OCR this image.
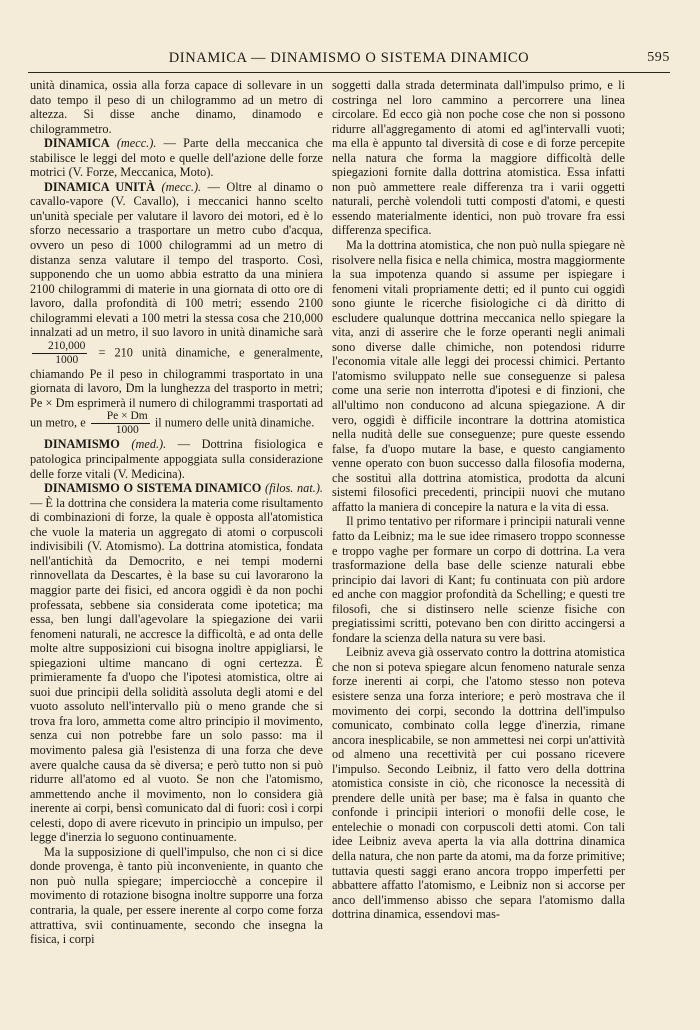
DINAMICA — DINAMISMO O SISTEMA DINAMICO	595

unità dinamica, ossia alla forza capace di sollevare in un dato tempo il peso di un chilogrammo ad un metro di altezza. Si disse anche dinamo, dinamodo e chilogrammetro.

DINAMICA (mecc.). — Parte della meccanica che stabilisce le leggi del moto e quelle dell'azione delle forze motrici (V. Forze, Meccanica, Moto).

DINAMICA UNITÀ (mecc.). — Oltre al dinamo o cavallo-vapore (V. Cavallo), i meccanici hanno scelto un'unità speciale per valutare il lavoro dei motori, ed è lo sforzo necessario a trasportare un metro cubo d'acqua, ovvero un peso di 1000 chilogrammi ad un metro di distanza senza valutare il tempo del trasporto. Così, supponendo che un uomo abbia estratto da una miniera 2100 chilogrammi di materie in una giornata di otto ore di lavoro, dalla profondità di 100 metri; essendo 2100 chilogrammi elevati a 100 metri la stessa cosa che 210,000 innalzati ad un metro, il suo lavoro in unità dinamiche sarà
$\frac{210,000}{1000} = 210$ unità dinamiche, e generalmente, chiamando Pe il peso in chilogrammi trasportato in una giornata di lavoro, Dm la lunghezza del trasporto in metri; Pe × Dm esprimerà il numero di chilogrammi trasportati ad un metro, e $\frac{Pe \times Dm}{1000}$ il numero delle unità dinamiche.

DINAMISMO (med.). — Dottrina fisiologica e patologica principalmente appoggiata sulla considerazione delle forze vitali (V. Medicina).

DINAMISMO O SISTEMA DINAMICO (filos. nat.). — È la dottrina che considera la materia come risultamento di combinazioni di forze, la quale è opposta all'atomistica che vuole la materia un aggregato di atomi o corpuscoli indivisibili (V. Atomismo). La dottrina atomistica, fondata nell'antichità da Democrito, e nei tempi moderni rinnovellata da Descartes, è la base su cui lavorarono la maggior parte dei fisici, ed ancora oggidì è da non pochi professata, sebbene sia considerata come ipotetica; ma essa, ben lungi dall'agevolare la spiegazione dei varii fenomeni naturali, ne accresce la difficoltà, e ad onta delle molte altre supposizioni cui bisogna inoltre appigliarsi, le spiegazioni ultime mancano di ogni certezza. È primieramente fa d'uopo che l'ipotesi atomistica, oltre ai suoi due principii della solidità assoluta degli atomi e del vuoto assoluto nell'intervallo più o meno grande che si trova fra loro, ammetta come altro principio il movimento, senza cui non potrebbe fare un solo passo: ma il movimento palesa già l'esistenza di una forza che deve avere qualche causa da sè diversa; e però tutto non si può ridurre all'atomo ed al vuoto. Se non che l'atomismo, ammettendo anche il movimento, non lo considera già inerente ai corpi, bensì comunicato dal di fuori: così i corpi celesti, dopo di avere ricevuto in principio un impulso, per legge d'inerzia lo seguono continuamente.

Ma la supposizione di quell'impulso, che non ci si dice donde provenga, è tanto più inconveniente, in quanto che non può nulla spiegare; imperciocchè a concepire il movimento di rotazione bisogna inoltre supporre una forza contraria, la quale, per essere inerente al corpo come forza attrattiva, svii continuamente, secondo che insegna la fisica, i corpi

soggetti dalla strada determinata dall'impulso primo, e li costringa nel loro cammino a percorrere una linea circolare. Ed ecco già non poche cose che non si possono ridurre all'aggregamento di atomi ed agl'intervalli vuoti; ma ella è appunto tal diversità di cose e di forze percepite nella natura che forma la maggiore difficoltà delle spiegazioni fornite dalla dottrina atomistica. Essa infatti non può ammettere reale differenza tra i varii oggetti naturali, perchè volendoli tutti composti d'atomi, e questi essendo materialmente identici, non può trovare fra essi differenza specifica.

Ma la dottrina atomistica, che non può nulla spiegare nè risolvere nella fisica e nella chimica, mostra maggiormente la sua impotenza quando si assume per ispiegare i fenomeni vitali propriamente detti; ed il punto cui oggidì sono giunte le ricerche fisiologiche ci dà diritto di escludere qualunque dottrina meccanica nello spiegare la vita, anzi di asserire che le forze operanti negli animali sono diverse dalle chimiche, non potendosi ridurre l'economia vitale alle leggi dei processi chimici. Pertanto l'atomismo sviluppato nelle sue conseguenze si palesa come una serie non interrotta d'ipotesi e di finzioni, che all'ultimo non conducono ad alcuna spiegazione. A dir vero, oggidì è difficile incontrare la dottrina atomistica nella nudità delle sue conseguenze; pure queste essendo false, fa d'uopo mutare la base, e questo cangiamento venne operato con buon successo dalla filosofia moderna, che sostituì alla dottrina atomistica, prodotta da alcuni sistemi filosofici precedenti, principii nuovi che mutano affatto la maniera di concepire la natura e la vita di essa.

Il primo tentativo per riformare i principii naturali venne fatto da Leibniz; ma le sue idee rimasero troppo sconnesse e troppo vaghe per formare un corpo di dottrina. La vera trasformazione della base delle scienze naturali ebbe principio dai lavori di Kant; fu continuata con più ardore ed anche con maggior profondità da Schelling; e questi tre filosofi, che si distinsero nelle scienze fisiche con pregiatissimi scritti, potevano ben con diritto accingersi a fondare la scienza della natura su vere basi.

Leibniz aveva già osservato contro la dottrina atomistica che non si poteva spiegare alcun fenomeno naturale senza forze inerenti ai corpi, che l'atomo stesso non poteva esistere senza una forza interiore; e però mostrava che il movimento dei corpi, secondo la dottrina dell'impulso comunicato, combinato colla legge d'inerzia, rimane ancora inesplicabile, se non ammettesi nei corpi un'attività od almeno una recettività per cui possano ricevere l'impulso. Secondo Leibniz, il fatto vero della dottrina atomistica consiste in ciò, che riconosce la necessità di prendere delle unità per base; ma è falsa in quanto che confonde i principii interiori o monofii delle cose, le entelechie o monadi con corpuscoli detti atomi. Con tali idee Leibniz aveva aperta la via alla dottrina dinamica della natura, che non parte da atomi, ma da forze primitive; tuttavia questi saggi erano ancora troppo imperfetti per abbattere affatto l'atomismo, e Leibniz non si accorse per anco dell'immenso abisso che separa l'atomismo dalla dottrina dinamica, essendovi mas-
